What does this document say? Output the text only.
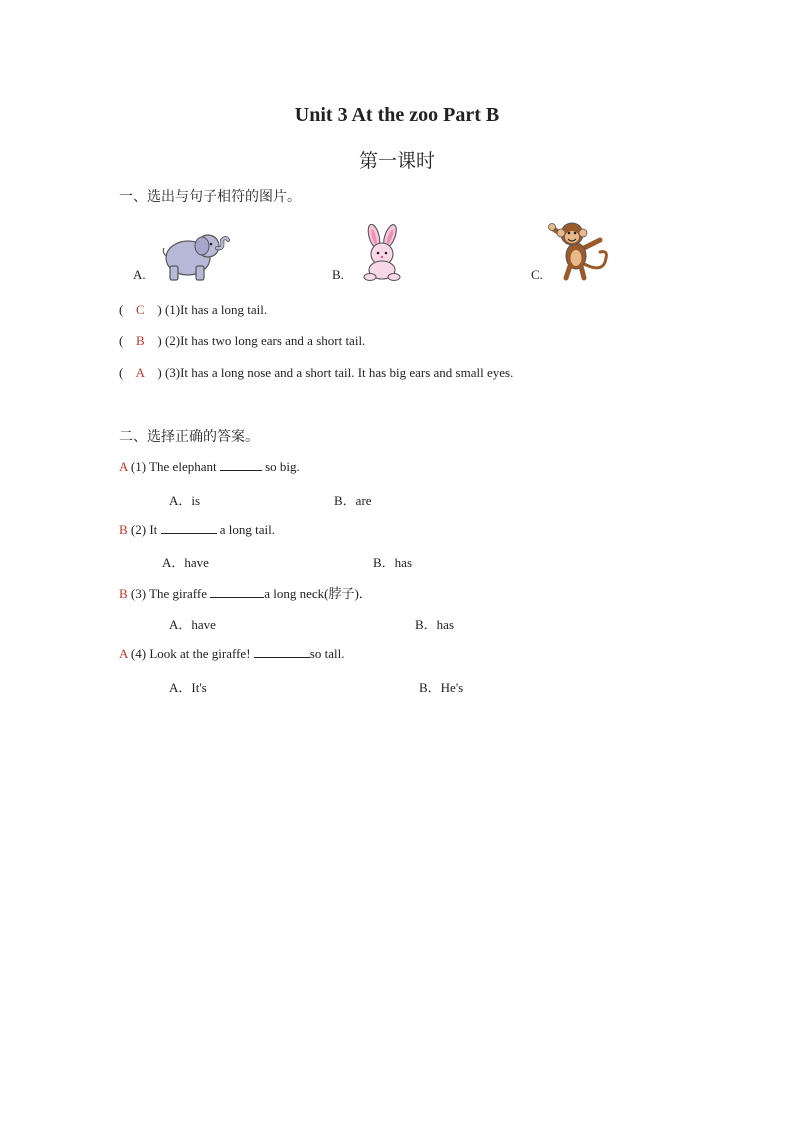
Unit 3 At the zoo Part B
第一课时
一、选出与句子相符的图片。
A.	B.	C.
( C ) (1)It has a long tail.
( B ) (2)It has two long ears and a short tail.
( A ) (3)It has a long nose and a short tail. It has big ears and small eyes.
二、选择正确的答案。
A (1) The elephant	so big.
A．is	B．are
B (2) It	a long tail.
A．have	B．has
B (3) The giraffe	a long neck(脖子)．
A．have	B．has
A (4) Look at the giraffe!	so tall.
A．It's	B．He's
